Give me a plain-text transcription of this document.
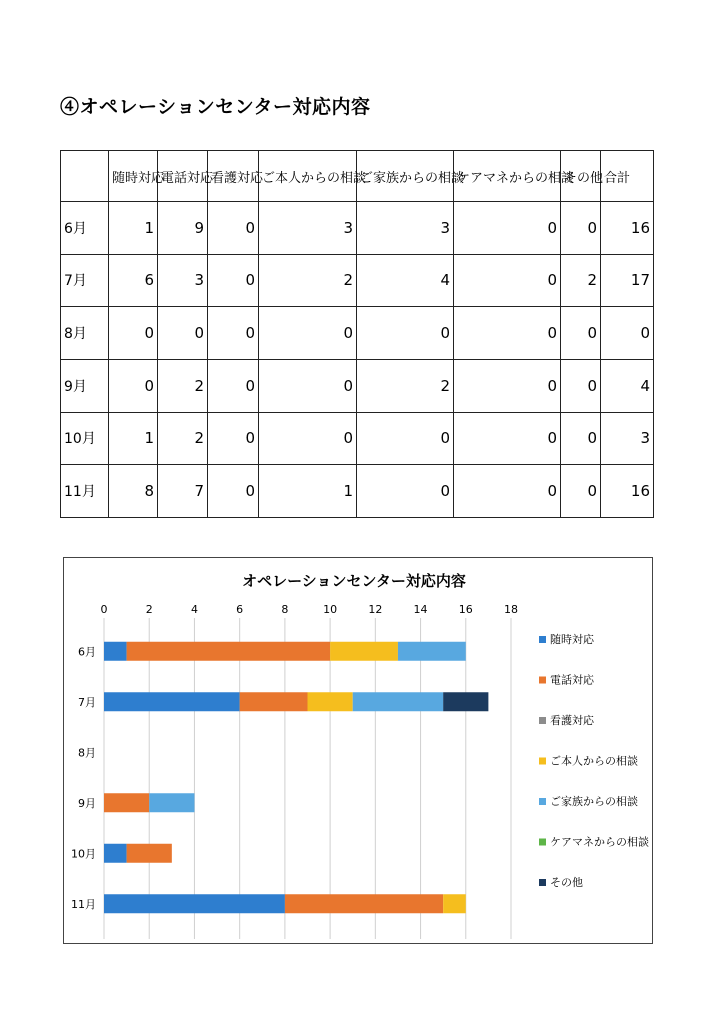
④オペレーションセンター対応内容
	随時対応	電話対応	看護対応	ご本人からの相談	ご家族からの相談	ケアマネからの相談	その他	合計
6月	1	9	0	3	3	0	0	16
7月	6	3	0	2	4	0	2	17
8月	0	0	0	0	0	0	0	0
9月	0	2	0	0	2	0	0	4
10月	1	2	0	0	0	0	0	3
11月	8	7	0	1	0	0	0	16
オペレーションセンター対応内容
0	2	4	6	8	10	12	14	16	18
6月
7月
8月
9月
10月
11月
随時対応
電話対応
看護対応
ご本人からの相談
ご家族からの相談
ケアマネからの相談
その他
